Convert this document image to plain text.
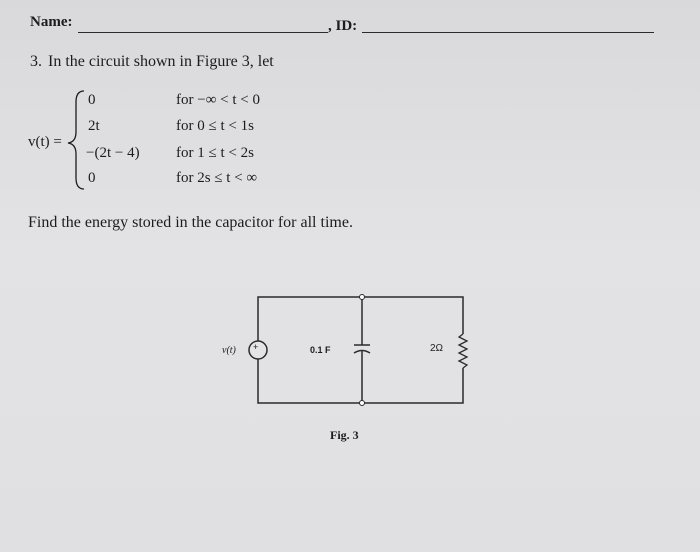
Name:	, ID:
3. In the circuit shown in Figure 3, let
v(t) =
0	for −∞ < t < 0
2t	for 0 ≤ t < 1s
−(2t − 4) for 1 ≤ t < 2s
0	for 2s ≤ t < ∞
Find the energy stored in the capacitor for all time.
+
v(t)	0.1 F	2Ω
Fig. 3
